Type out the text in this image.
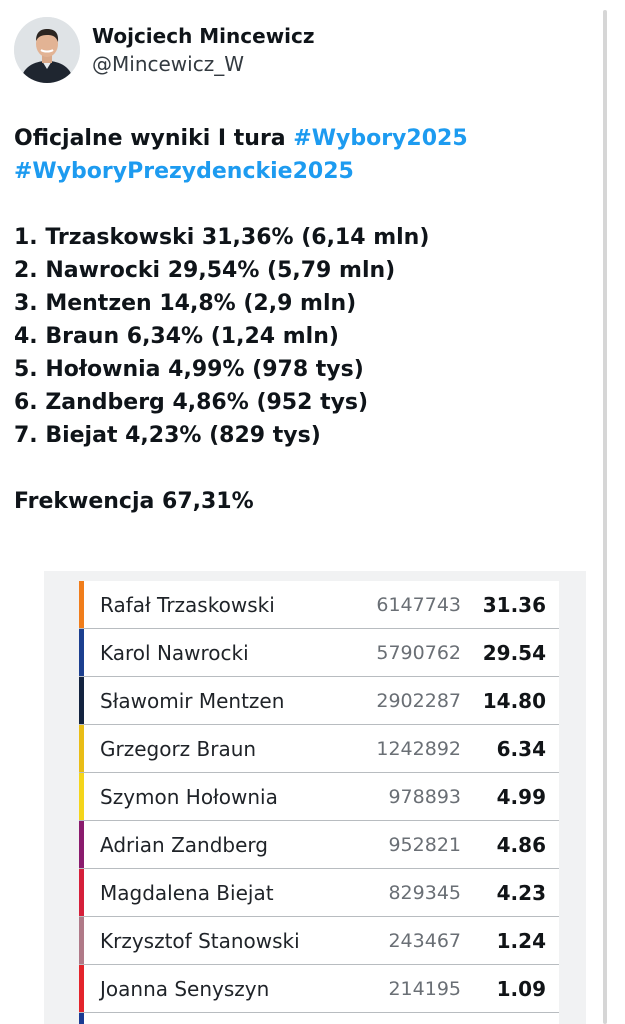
Wojciech Mincewicz
@Mincewicz_W

Oficjalne wyniki I tura #Wybory2025

#WyboryPrezydenckie2025

1. Trzaskowski 31,36% (6,14 mln)

2. Nawrocki 29,54% (5,79 mln)

3. Mentzen 14,8% (2,9 mln)

4. Braun 6,34% (1,24 mln)

5. Hołownia 4,99% (978 tys)

6. Zandberg 4,86% (952 tys)

7. Biejat 4,23% (829 tys)

Frekwencja 67,31%

Rafał Trzaskowski	6147743 31.36
Karol Nawrocki	5790762 29.54
Sławomir Mentzen	2902287 14.80
Grzegorz Braun	1242892 6.34
Szymon Hołownia	978893 4.99
Adrian Zandberg	952821 4.86
Magdalena Biejat	829345 4.23
Krzysztof Stanowski	243467 1.24
Joanna Senyszyn	214195 1.09
